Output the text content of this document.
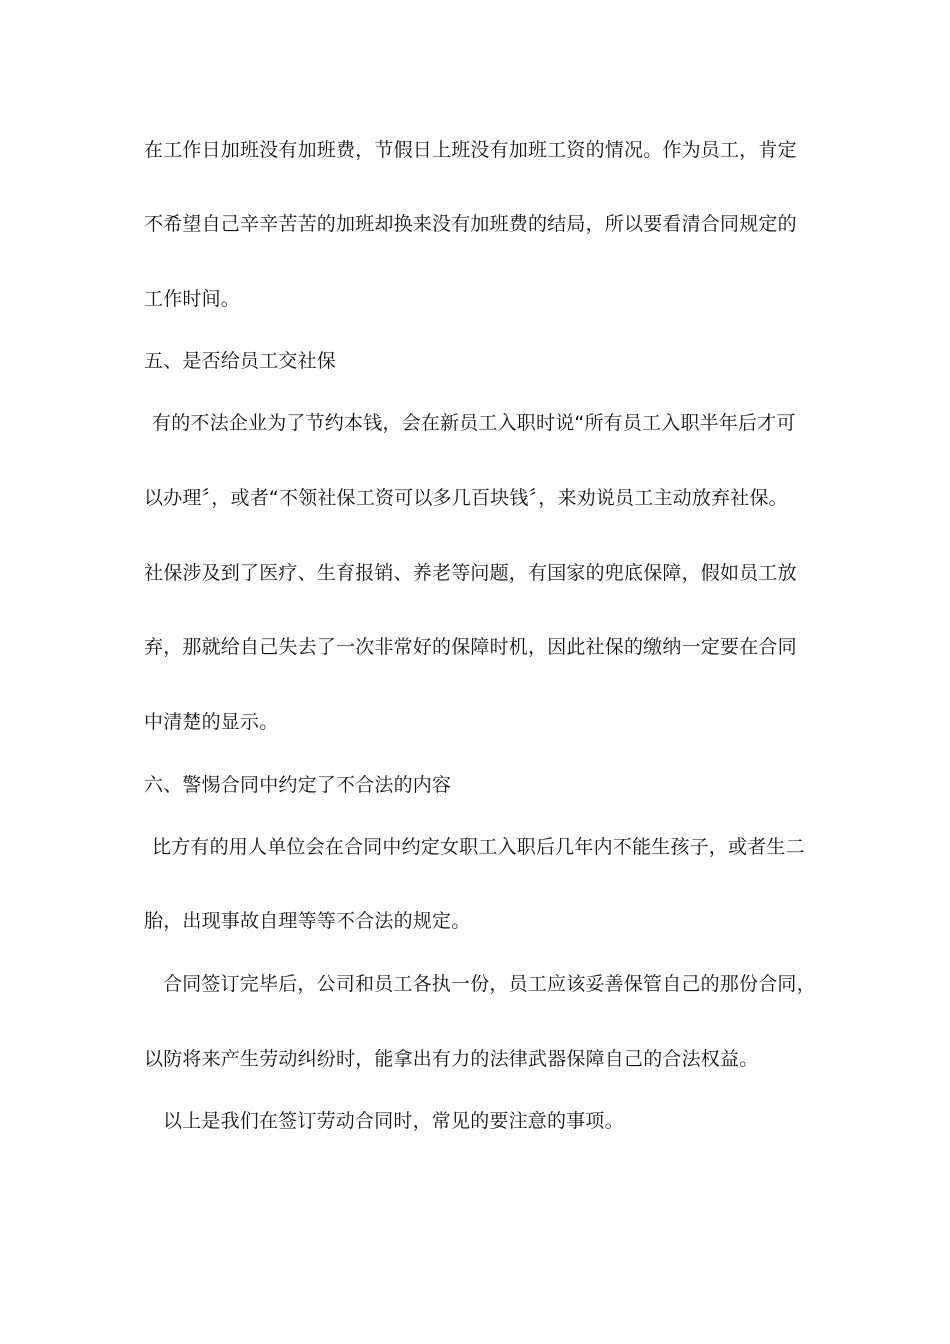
在工作日加班没有加班费，节假日上班没有加班工资的情况。作为员工，肯定
不希望自己辛辛苦苦的加班却换来没有加班费的结局，所以要看清合同规定的
工作时间。
五、是否给员工交社保
有的不法企业为了节约本钱，会在新员工入职时说“所有员工入职半年后才可
以办理〞，或者“不领社保工资可以多几百块钱〞，来劝说员工主动放弃社保。
社保涉及到了医疗、生育报销、养老等问题，有国家的兜底保障，假如员工放
弃，那就给自己失去了一次非常好的保障时机，因此社保的缴纳一定要在合同
中清楚的显示。
六、警惕合同中约定了不合法的内容
比方有的用人单位会在合同中约定女职工入职后几年内不能生孩子，或者生二
胎，出现事故自理等等不合法的规定。
合同签订完毕后，公司和员工各执一份，员工应该妥善保管自己的那份合同，
以防将来产生劳动纠纷时，能拿出有力的法律武器保障自己的合法权益。
以上是我们在签订劳动合同时，常见的要注意的事项。
